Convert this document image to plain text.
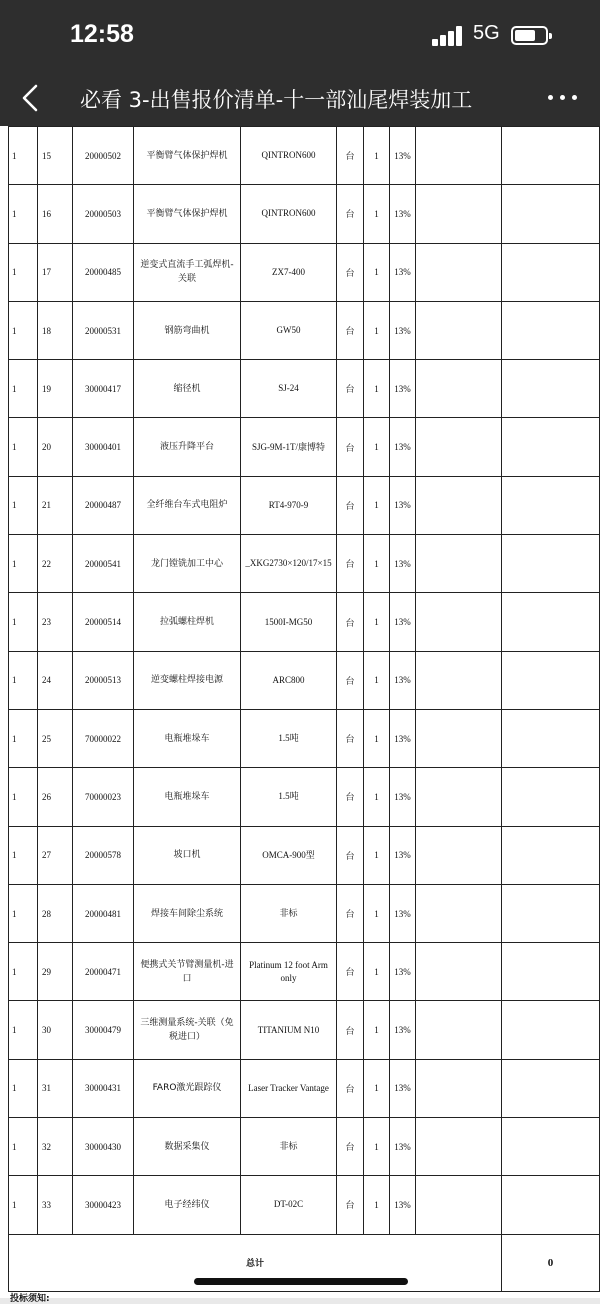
12:58	5G
必看 3-出售报价清单-十一部汕尾焊装加工
1	15	20000502	平衡臂气体保护焊机	QINTRON600	台	1	13%		
1	16	20000503	平衡臂气体保护焊机	QINTRON600	台	1	13%		
1	17	20000485	逆变式直流手工弧焊机-关联	ZX7-400	台	1	13%		
1	18	20000531	钢筋弯曲机	GW50	台	1	13%		
1	19	30000417	缩径机	SJ-24	台	1	13%		
1	20	30000401	液压升降平台	SJG-9M-1T/康博特	台	1	13%		
1	21	20000487	全纤维台车式电阻炉	RT4-970-9	台	1	13%		
1	22	20000541	龙门镗铣加工中心	_XKG2730×120/17×15	台	1	13%		
1	23	20000514	拉弧螺柱焊机	1500I-MG50	台	1	13%		
1	24	20000513	逆变螺柱焊接电源	ARC800	台	1	13%		
1	25	70000022	电瓶堆垛车	1.5吨	台	1	13%		
1	26	70000023	电瓶堆垛车	1.5吨	台	1	13%		
1	27	20000578	坡口机	OMCA-900型	台	1	13%		
1	28	20000481	焊接车间除尘系统	非标	台	1	13%		
1	29	20000471	便携式关节臂测量机-进口	Platinum 12 foot Arm only	台	1	13%		
1	30	30000479	三维测量系统-关联（免税进口）	TITANIUM N10	台	1	13%		
1	31	30000431	FARO激光跟踪仪	Laser Tracker Vantage	台	1	13%		
1	32	30000430	数据采集仪	非标	台	1	13%		
1	33	30000423	电子经纬仪	DT-02C	台	1	13%		
总计									0
投标须知:
